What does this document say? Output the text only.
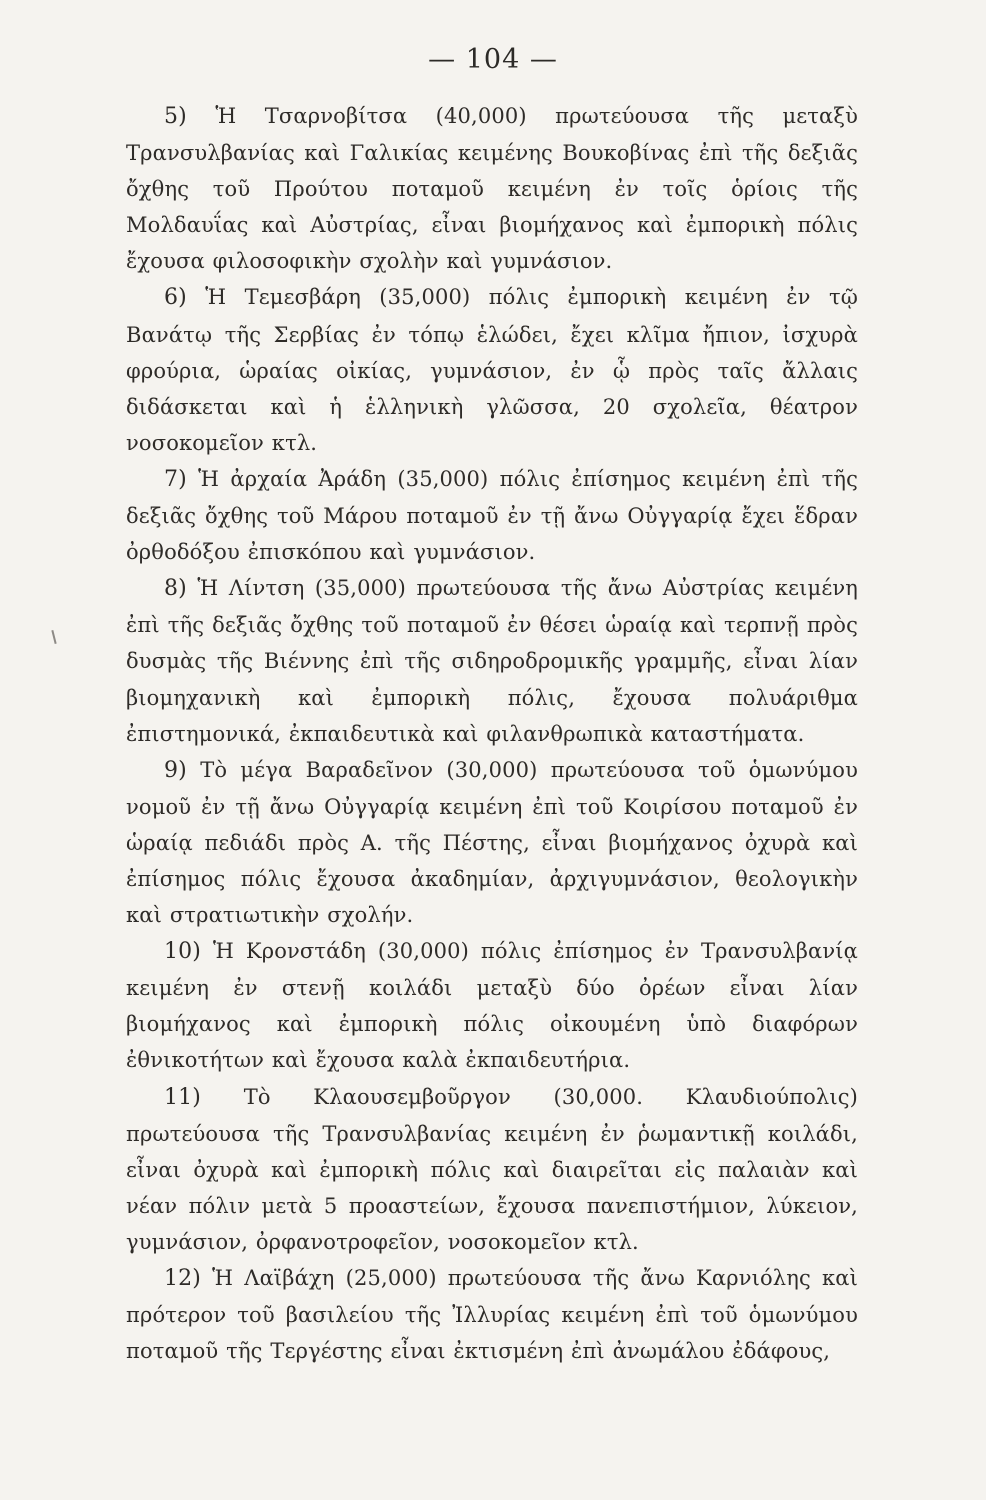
— 104 —

5) Ἡ Τσαρνοβίτσα (40,000) πρωτεύουσα τῆς μεταξὺ Τρανσυλβανίας καὶ Γαλικίας κειμένης Βουκοβίνας ἐπὶ τῆς δεξιᾶς ὄχθης τοῦ Προύτου ποταμοῦ κειμένη ἐν τοῖς ὁρίοις τῆς Μολδαυΐας καὶ Αὐστρίας, εἶναι βιομήχανος καὶ ἐμπορικὴ πόλις ἔχουσα φιλοσοφικὴν σχολὴν καὶ γυμνάσιον.

6) Ἡ Τεμεσβάρη (35,000) πόλις ἐμπορικὴ κειμένη ἐν τῷ Βανάτῳ τῆς Σερβίας ἐν τόπῳ ἑλώδει, ἔχει κλῖμα ἤπιον, ἰσχυρὰ φρούρια, ὡραίας οἰκίας, γυμνάσιον, ἐν ᾧ πρὸς ταῖς ἄλλαις διδάσκεται καὶ ἡ ἑλληνικὴ γλῶσσα, 20 σχολεῖα, θέατρον νοσοκομεῖον κτλ.

7) Ἡ ἀρχαία Ἀράδη (35,000) πόλις ἐπίσημος κειμένη ἐπὶ τῆς δεξιᾶς ὄχθης τοῦ Μάρου ποταμοῦ ἐν τῇ ἄνω Οὐγγαρίᾳ ἔχει ἕδραν ὀρθοδόξου ἐπισκόπου καὶ γυμνάσιον.

8) Ἡ Λίντση (35,000) πρωτεύουσα τῆς ἄνω Αὐστρίας κειμένη ἐπὶ τῆς δεξιᾶς ὄχθης τοῦ ποταμοῦ ἐν θέσει ὡραίᾳ καὶ τερπνῇ πρὸς δυσμὰς τῆς Βιέννης ἐπὶ τῆς σιδηροδρομικῆς γραμμῆς, εἶναι λίαν βιομηχανικὴ καὶ ἐμπορικὴ πόλις, ἔχουσα πολυάριθμα ἐπιστημονικά, ἐκπαιδευτικὰ καὶ φιλανθρωπικὰ καταστήματα.

9) Τὸ μέγα Βαραδεῖνον (30,000) πρωτεύουσα τοῦ ὁμωνύμου νομοῦ ἐν τῇ ἄνω Οὐγγαρίᾳ κειμένη ἐπὶ τοῦ Κοιρίσου ποταμοῦ ἐν ὡραίᾳ πεδιάδι πρὸς Α. τῆς Πέστης, εἶναι βιομήχανος ὀχυρὰ καὶ ἐπίσημος πόλις ἔχουσα ἀκαδημίαν, ἀρχιγυμνάσιον, θεολογικὴν καὶ στρατιωτικὴν σχολήν.

10) Ἡ Κρονστάδη (30,000) πόλις ἐπίσημος ἐν Τρανσυλβανίᾳ κειμένη ἐν στενῇ κοιλάδι μεταξὺ δύο ὀρέων εἶναι λίαν βιομήχανος καὶ ἐμπορικὴ πόλις οἰκουμένη ὑπὸ διαφόρων ἐθνικοτήτων καὶ ἔχουσα καλὰ ἐκπαιδευτήρια.

11) Τὸ Κλαουσεμβοῦργον (30,000. Κλαυδιούπολις) πρωτεύουσα τῆς Τρανσυλβανίας κειμένη ἐν ῥωμαντικῇ κοιλάδι, εἶναι ὀχυρὰ καὶ ἐμπορικὴ πόλις καὶ διαιρεῖται εἰς παλαιὰν καὶ νέαν πόλιν μετὰ 5 προαστείων, ἔχουσα πανεπιστήμιον, λύκειον, γυμνάσιον, ὀρφανοτροφεῖον, νοσοκομεῖον κτλ.

12) Ἡ Λαϊβάχη (25,000) πρωτεύουσα τῆς ἄνω Καρνιόλης καὶ πρότερον τοῦ βασιλείου τῆς Ἰλλυρίας κειμένη ἐπὶ τοῦ ὁμωνύμου ποταμοῦ τῆς Τεργέστης εἶναι ἐκτισμένη ἐπὶ ἀνωμάλου ἐδάφους,
